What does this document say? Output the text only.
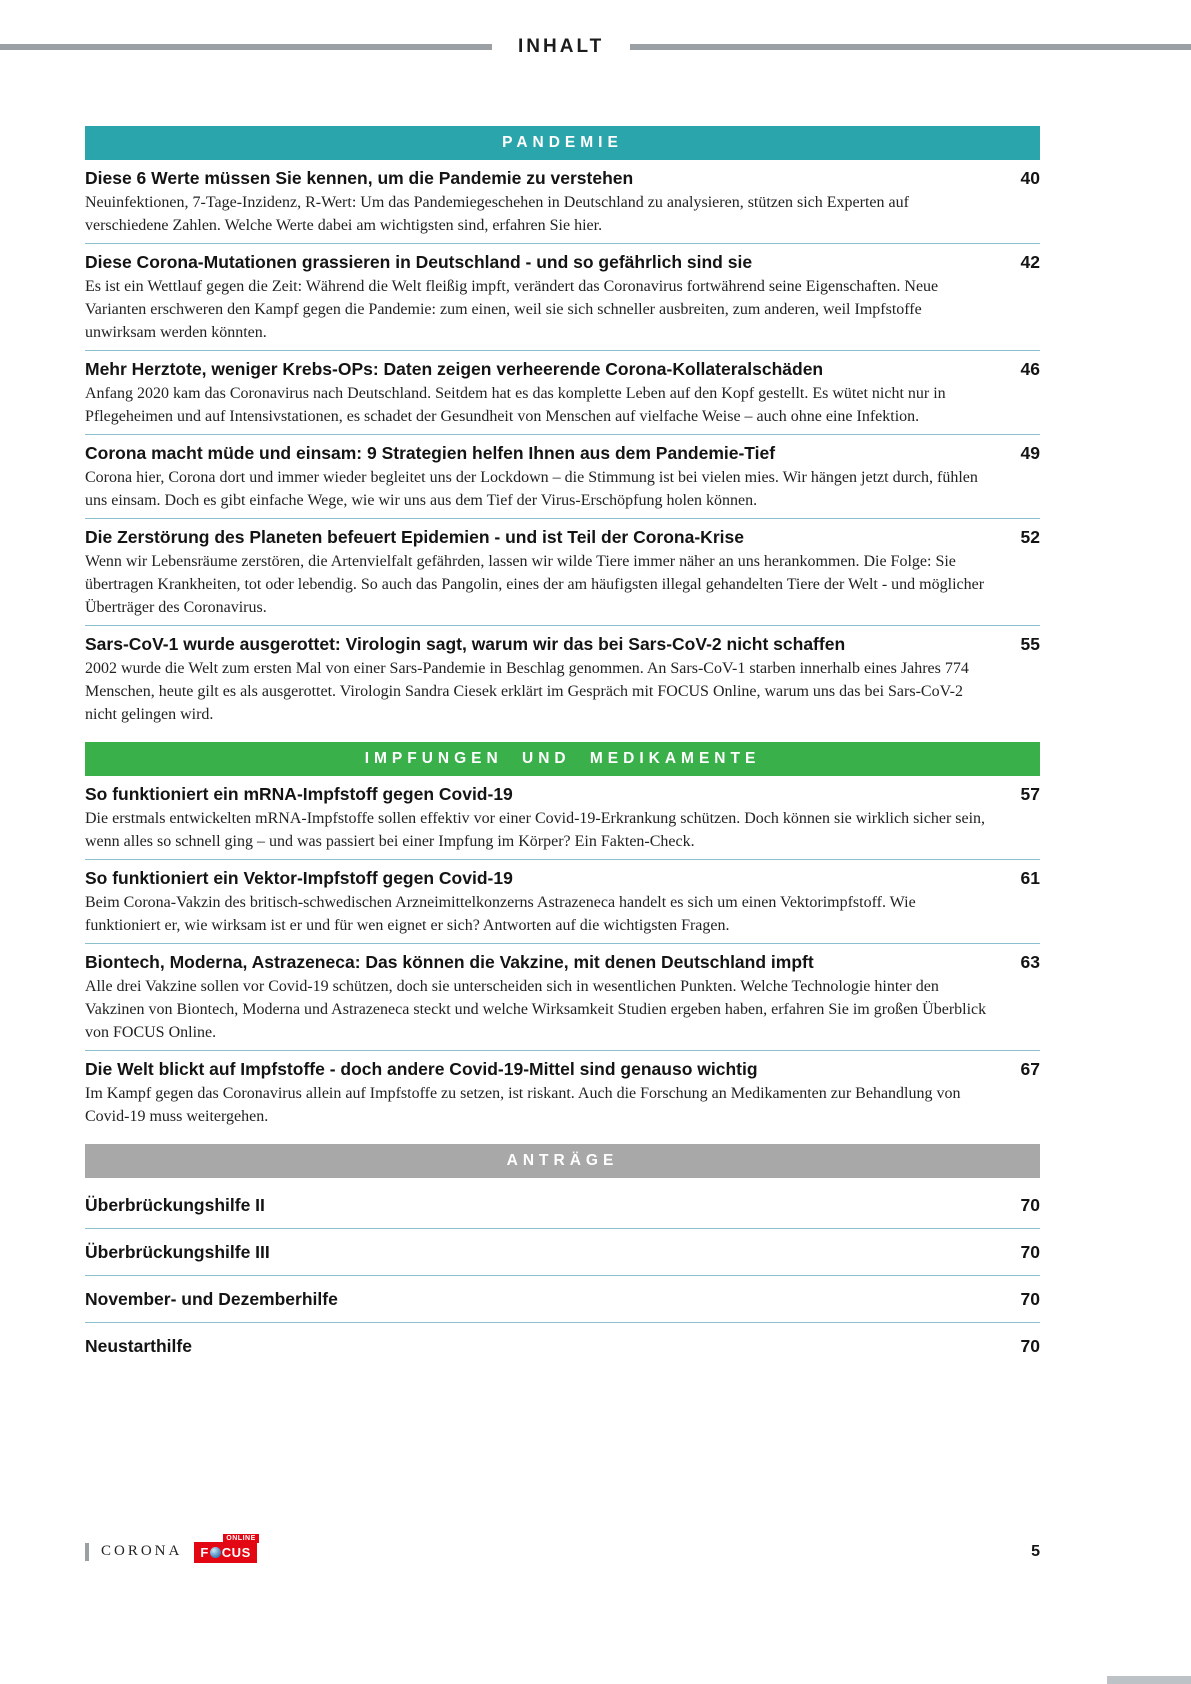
INHALT
PANDEMIE
Diese 6 Werte müssen Sie kennen, um die Pandemie zu verstehen	40
Neuinfektionen, 7-Tage-Inzidenz, R-Wert: Um das Pandemiegeschehen in Deutschland zu analysieren, stützen sich Experten auf verschiedene Zahlen. Welche Werte dabei am wichtigsten sind, erfahren Sie hier.
Diese Corona-Mutationen grassieren in Deutschland - und so gefährlich sind sie	42
Es ist ein Wettlauf gegen die Zeit: Während die Welt fleißig impft, verändert das Coronavirus fortwährend seine Eigenschaften. Neue Varianten erschweren den Kampf gegen die Pandemie: zum einen, weil sie sich schneller ausbreiten, zum anderen, weil Impfstoffe unwirksam werden könnten.
Mehr Herztote, weniger Krebs-OPs: Daten zeigen verheerende Corona-Kollateralschäden	46
Anfang 2020 kam das Coronavirus nach Deutschland. Seitdem hat es das komplette Leben auf den Kopf gestellt. Es wütet nicht nur in Pflegeheimen und auf Intensivstationen, es schadet der Gesundheit von Menschen auf vielfache Weise – auch ohne eine Infektion.
Corona macht müde und einsam: 9 Strategien helfen Ihnen aus dem Pandemie-Tief	49
Corona hier, Corona dort und immer wieder begleitet uns der Lockdown – die Stimmung ist bei vielen mies. Wir hängen jetzt durch, fühlen uns einsam. Doch es gibt einfache Wege, wie wir uns aus dem Tief der Virus-Erschöpfung holen können.
Die Zerstörung des Planeten befeuert Epidemien - und ist Teil der Corona-Krise	52
Wenn wir Lebensräume zerstören, die Artenvielfalt gefährden, lassen wir wilde Tiere immer näher an uns herankommen. Die Folge: Sie übertragen Krankheiten, tot oder lebendig. So auch das Pangolin, eines der am häufigsten illegal gehandelten Tiere der Welt - und möglicher Überträger des Coronavirus.
Sars-CoV-1 wurde ausgerottet: Virologin sagt, warum wir das bei Sars-CoV-2 nicht schaffen	55
2002 wurde die Welt zum ersten Mal von einer Sars-Pandemie in Beschlag genommen. An Sars-CoV-1 starben innerhalb eines Jahres 774 Menschen, heute gilt es als ausgerottet. Virologin Sandra Ciesek erklärt im Gespräch mit FOCUS Online, warum uns das bei Sars-CoV-2 nicht gelingen wird.
IMPFUNGEN UND MEDIKAMENTE
So funktioniert ein mRNA-Impfstoff gegen Covid-19	57
Die erstmals entwickelten mRNA-Impfstoffe sollen effektiv vor einer Covid-19-Erkrankung schützen. Doch können sie wirklich sicher sein, wenn alles so schnell ging – und was passiert bei einer Impfung im Körper? Ein Fakten-Check.
So funktioniert ein Vektor-Impfstoff gegen Covid-19	61
Beim Corona-Vakzin des britisch-schwedischen Arzneimittelkonzerns Astrazeneca handelt es sich um einen Vektorimpfstoff. Wie funktioniert er, wie wirksam ist er und für wen eignet er sich? Antworten auf die wichtigsten Fragen.
Biontech, Moderna, Astrazeneca: Das können die Vakzine, mit denen Deutschland impft	63
Alle drei Vakzine sollen vor Covid-19 schützen, doch sie unterscheiden sich in wesentlichen Punkten. Welche Technologie hinter den Vakzinen von Biontech, Moderna und Astrazeneca steckt und welche Wirksamkeit Studien ergeben haben, erfahren Sie im großen Überblick von FOCUS Online.
Die Welt blickt auf Impfstoffe - doch andere Covid-19-Mittel sind genauso wichtig	67
Im Kampf gegen das Coronavirus allein auf Impfstoffe zu setzen, ist riskant. Auch die Forschung an Medikamenten zur Behandlung von Covid-19 muss weitergehen.
ANTRÄGE
Überbrückungshilfe II	70
Überbrückungshilfe III	70
November- und Dezemberhilfe	70
Neustarthilfe	70
CORONA
ONLINE
F CUS	5
